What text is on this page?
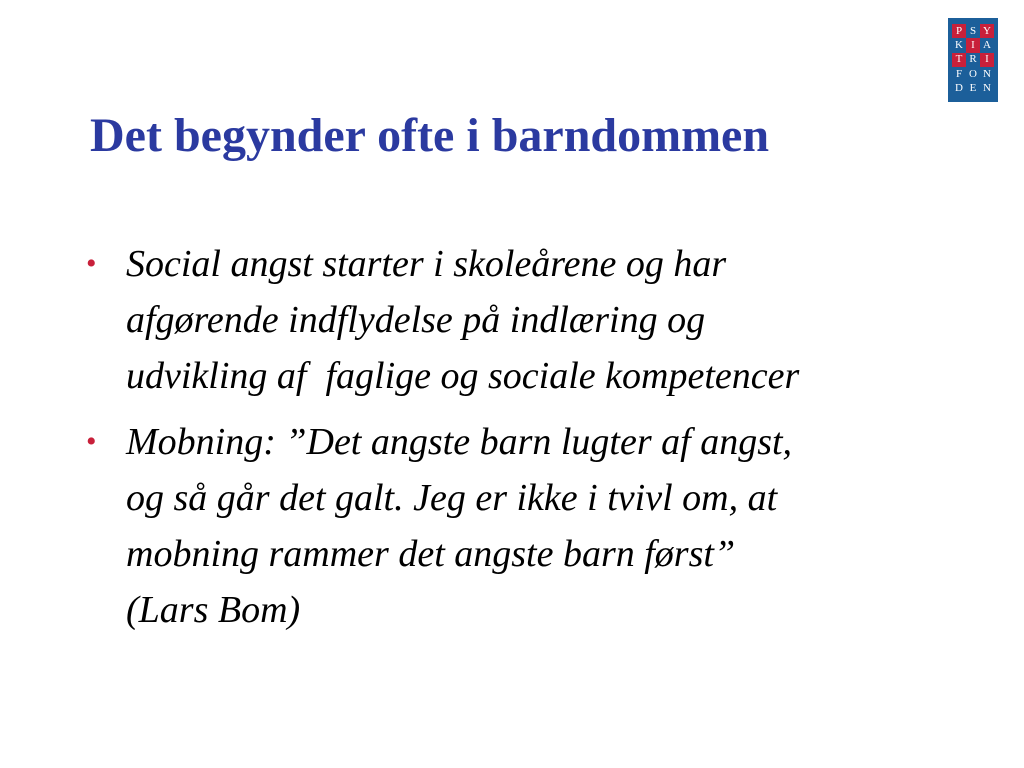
P S Y
K I A
T R I
F O N
D E N
Det begynder ofte i barndommen
• Social angst starter i skoleårene og har
afgørende indflydelse på indlæring og
udvikling af  faglige og sociale kompetencer
• Mobning: ”Det angste barn lugter af angst,
og så går det galt. Jeg er ikke i tvivl om, at
mobning rammer det angste barn først”
(Lars Bom)
